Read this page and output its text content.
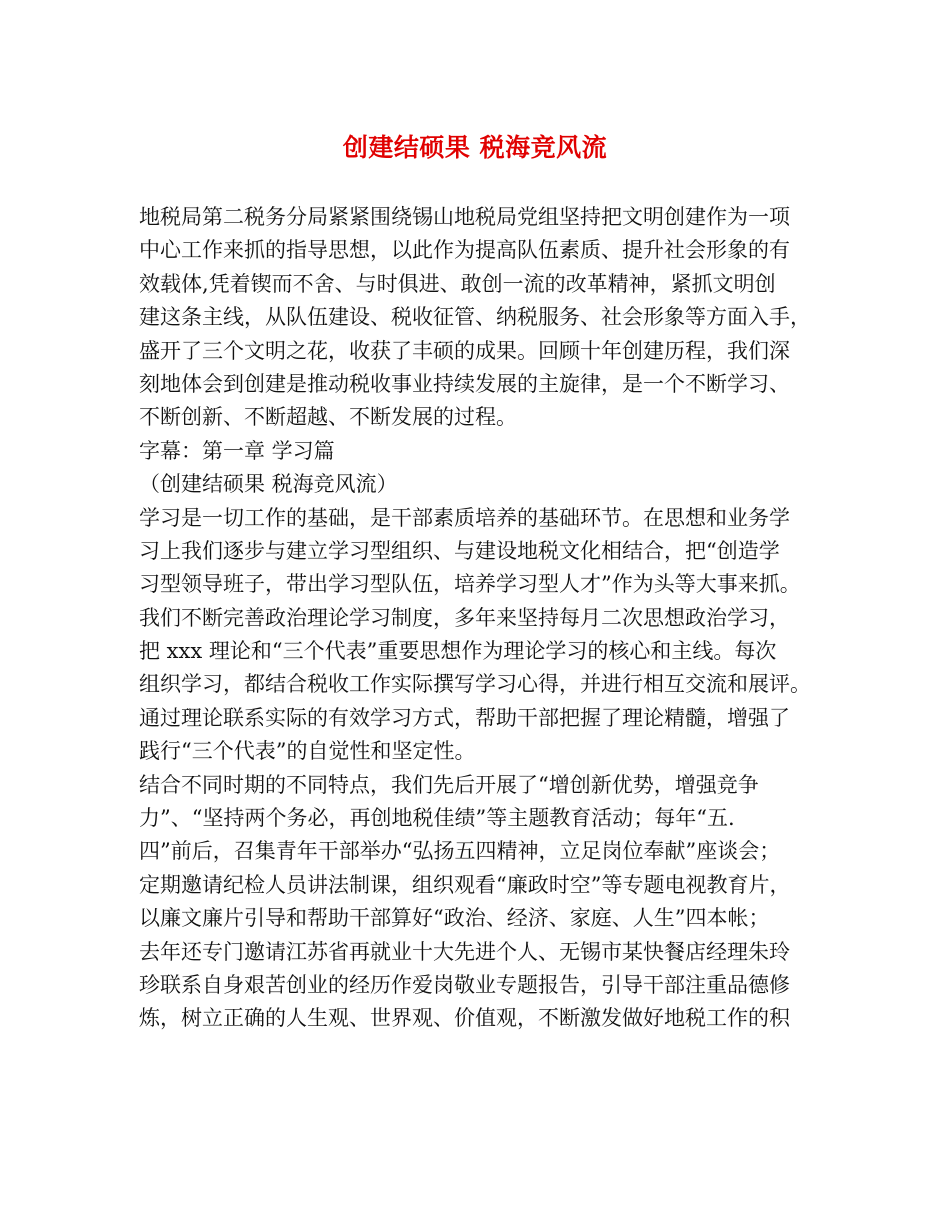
创建结硕果 税海竞风流
地税局第二税务分局紧紧围绕锡山地税局党组坚持把文明创建作为一项
中心工作来抓的指导思想，以此作为提高队伍素质、提升社会形象的有
效载体,凭着锲而不舍、与时俱进、敢创一流的改革精神，紧抓文明创
建这条主线，从队伍建设、税收征管、纳税服务、社会形象等方面入手，
盛开了三个文明之花，收获了丰硕的成果。回顾十年创建历程，我们深
刻地体会到创建是推动税收事业持续发展的主旋律，是一个不断学习、
不断创新、不断超越、不断发展的过程。
字幕：第一章 学习篇
（创建结硕果 税海竞风流）
学习是一切工作的基础，是干部素质培养的基础环节。在思想和业务学
习上我们逐步与建立学习型组织、与建设地税文化相结合，把“创造学
习型领导班子，带出学习型队伍，培养学习型人才”作为头等大事来抓。
我们不断完善政治理论学习制度，多年来坚持每月二次思想政治学习，
把 xxx 理论和“三个代表”重要思想作为理论学习的核心和主线。每次
组织学习，都结合税收工作实际撰写学习心得，并进行相互交流和展评。
通过理论联系实际的有效学习方式，帮助干部把握了理论精髓，增强了
践行“三个代表”的自觉性和坚定性。
结合不同时期的不同特点，我们先后开展了“增创新优势，增强竞争
力”、“坚持两个务必，再创地税佳绩”等主题教育活动；每年“五.
四”前后，召集青年干部举办“弘扬五四精神，立足岗位奉献”座谈会；
定期邀请纪检人员讲法制课，组织观看“廉政时空”等专题电视教育片，
以廉文廉片引导和帮助干部算好“政治、经济、家庭、人生”四本帐；
去年还专门邀请江苏省再就业十大先进个人、无锡市某快餐店经理朱玲
珍联系自身艰苦创业的经历作爱岗敬业专题报告，引导干部注重品德修
炼，树立正确的人生观、世界观、价值观，不断激发做好地税工作的积
